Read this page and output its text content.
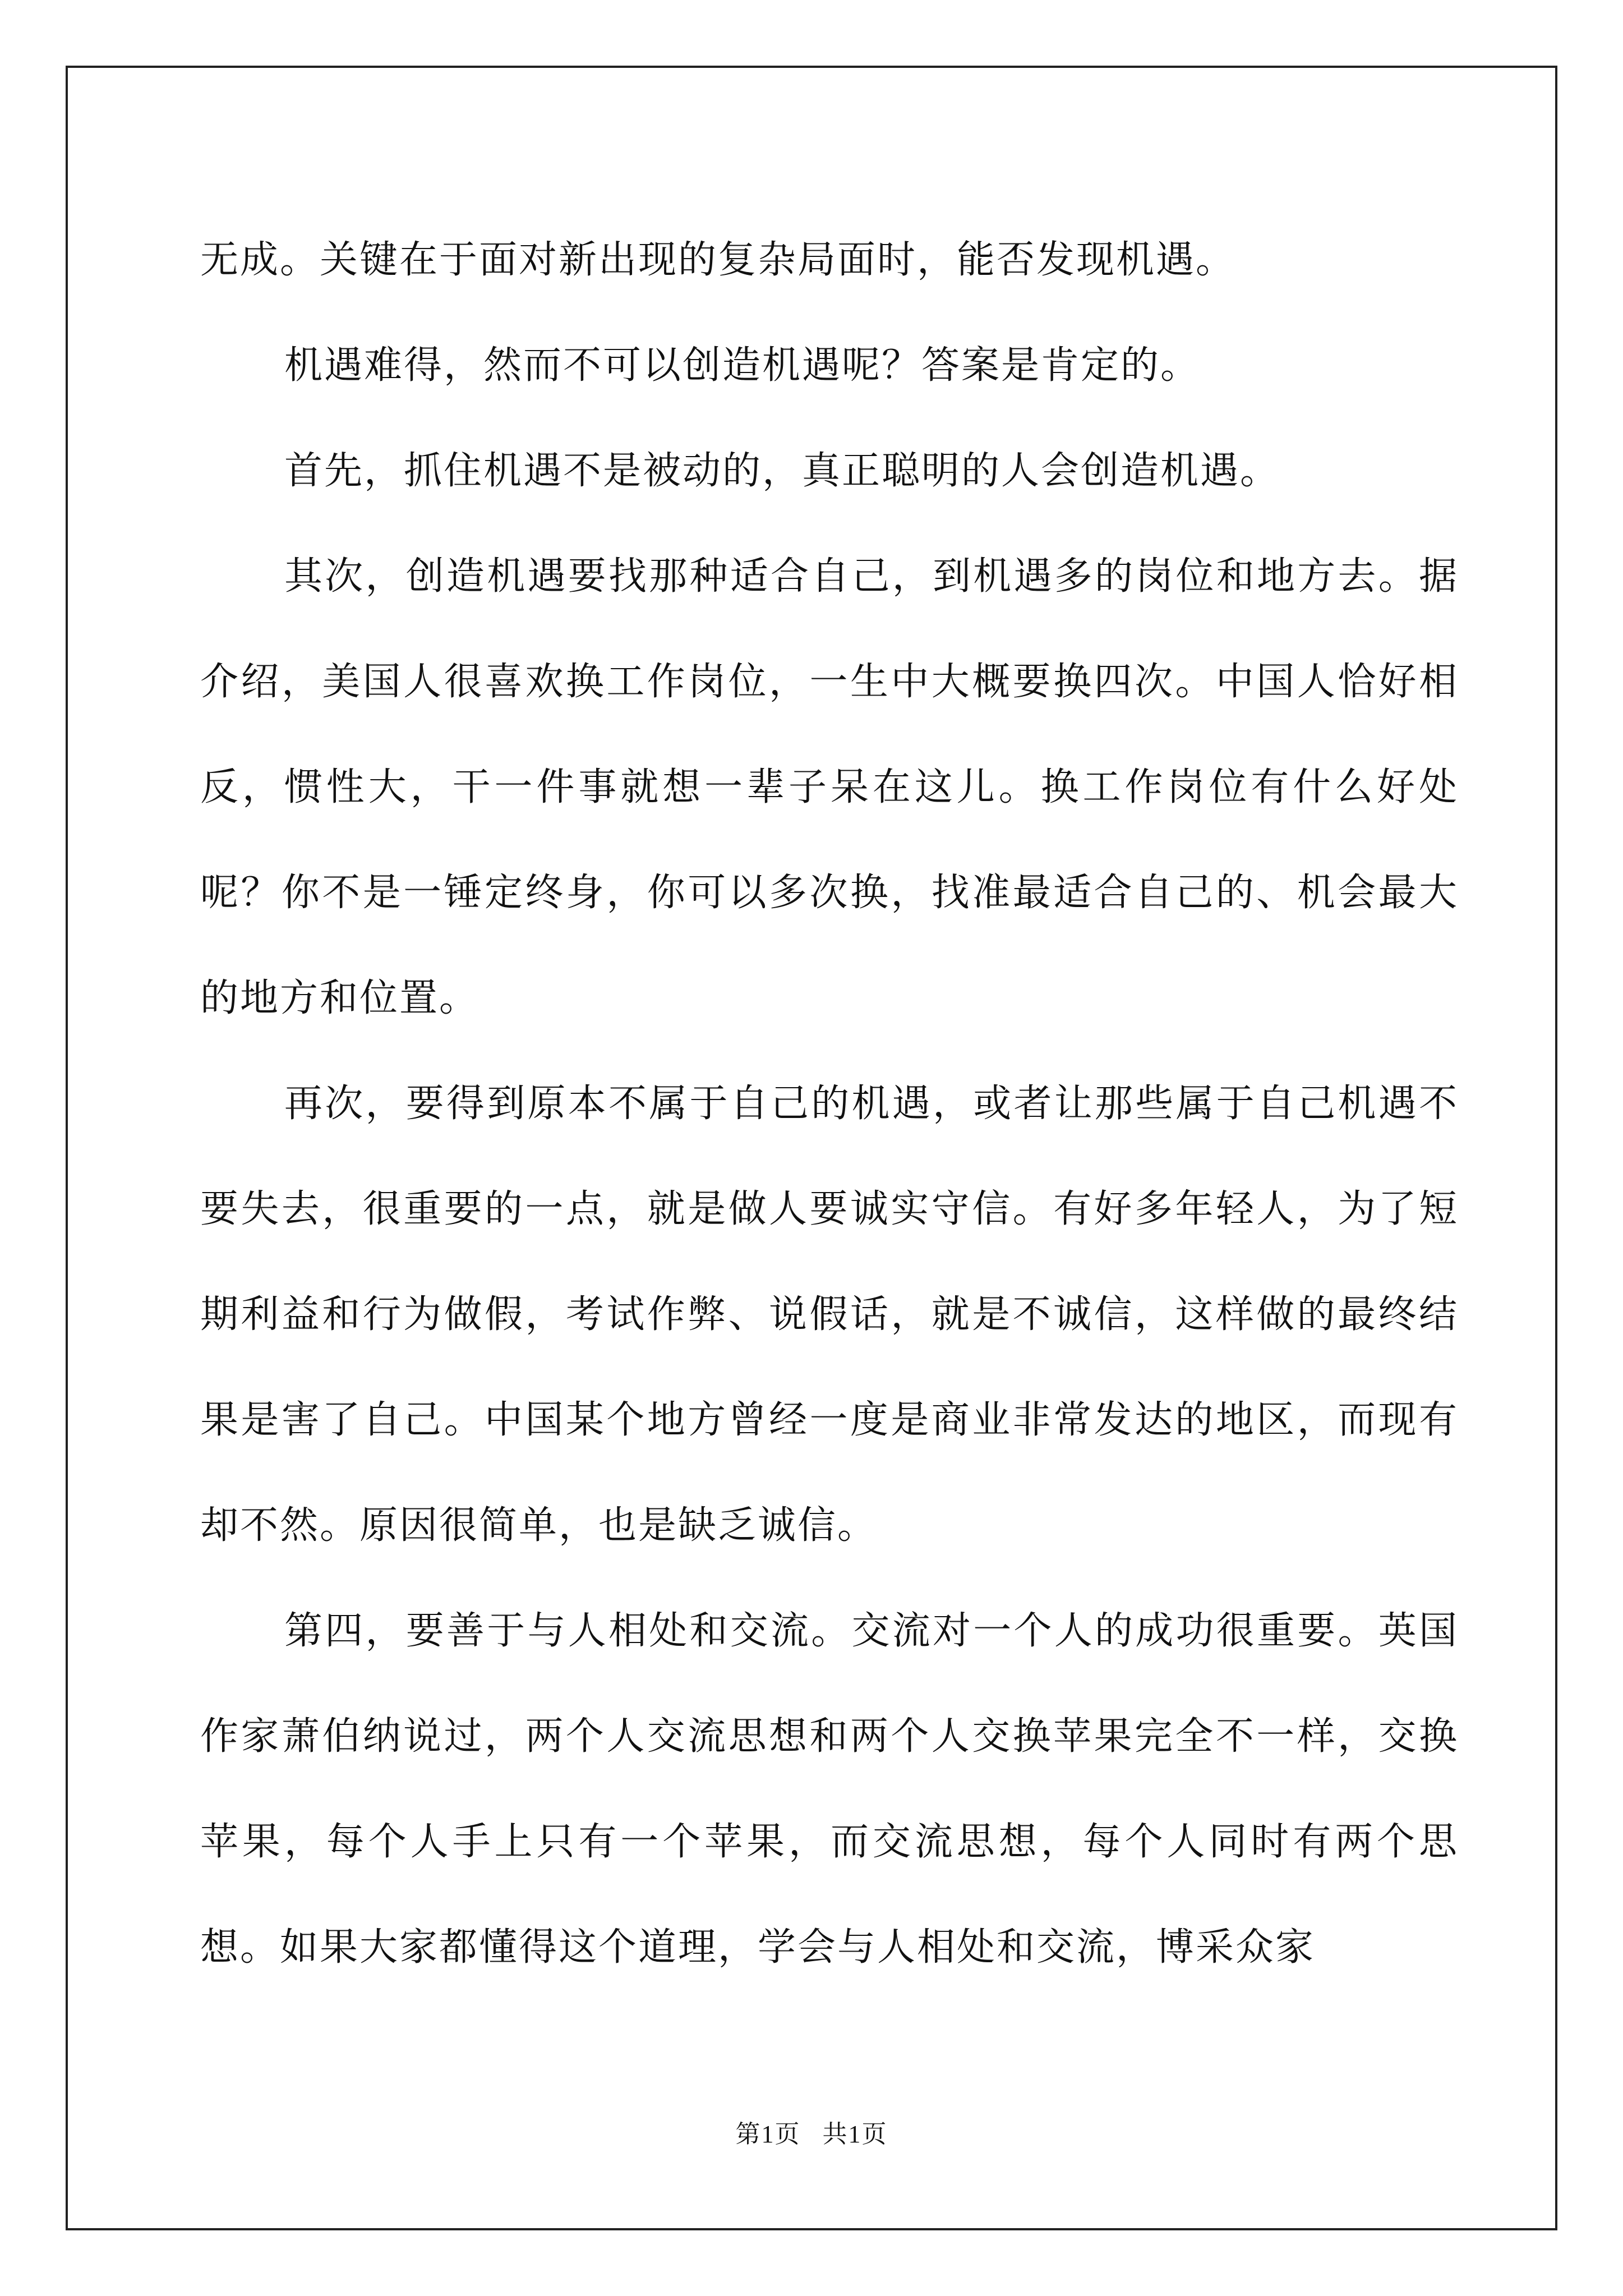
无成。关键在于面对新出现的复杂局面时，能否发现机遇。

机遇难得，然而不可以创造机遇呢？答案是肯定的。

首先，抓住机遇不是被动的，真正聪明的人会创造机遇。

其次，创造机遇要找那种适合自己，到机遇多的岗位和地方去。据介绍，美国人很喜欢换工作岗位，一生中大概要换四次。中国人恰好相反，惯性大，干一件事就想一辈子呆在这儿。换工作岗位有什么好处呢？你不是一锤定终身，你可以多次换，找准最适合自己的、机会最大的地方和位置。

再次，要得到原本不属于自己的机遇，或者让那些属于自己机遇不要失去，很重要的一点，就是做人要诚实守信。有好多年轻人，为了短期利益和行为做假，考试作弊、说假话，就是不诚信，这样做的最终结果是害了自己。中国某个地方曾经一度是商业非常发达的地区，而现有却不然。原因很简单，也是缺乏诚信。

第四，要善于与人相处和交流。交流对一个人的成功很重要。英国作家萧伯纳说过，两个人交流思想和两个人交换苹果完全不一样，交换苹果，每个人手上只有一个苹果，而交流思想，每个人同时有两个思想。如果大家都懂得这个道理，学会与人相处和交流，博采众家

第1页   共1页
